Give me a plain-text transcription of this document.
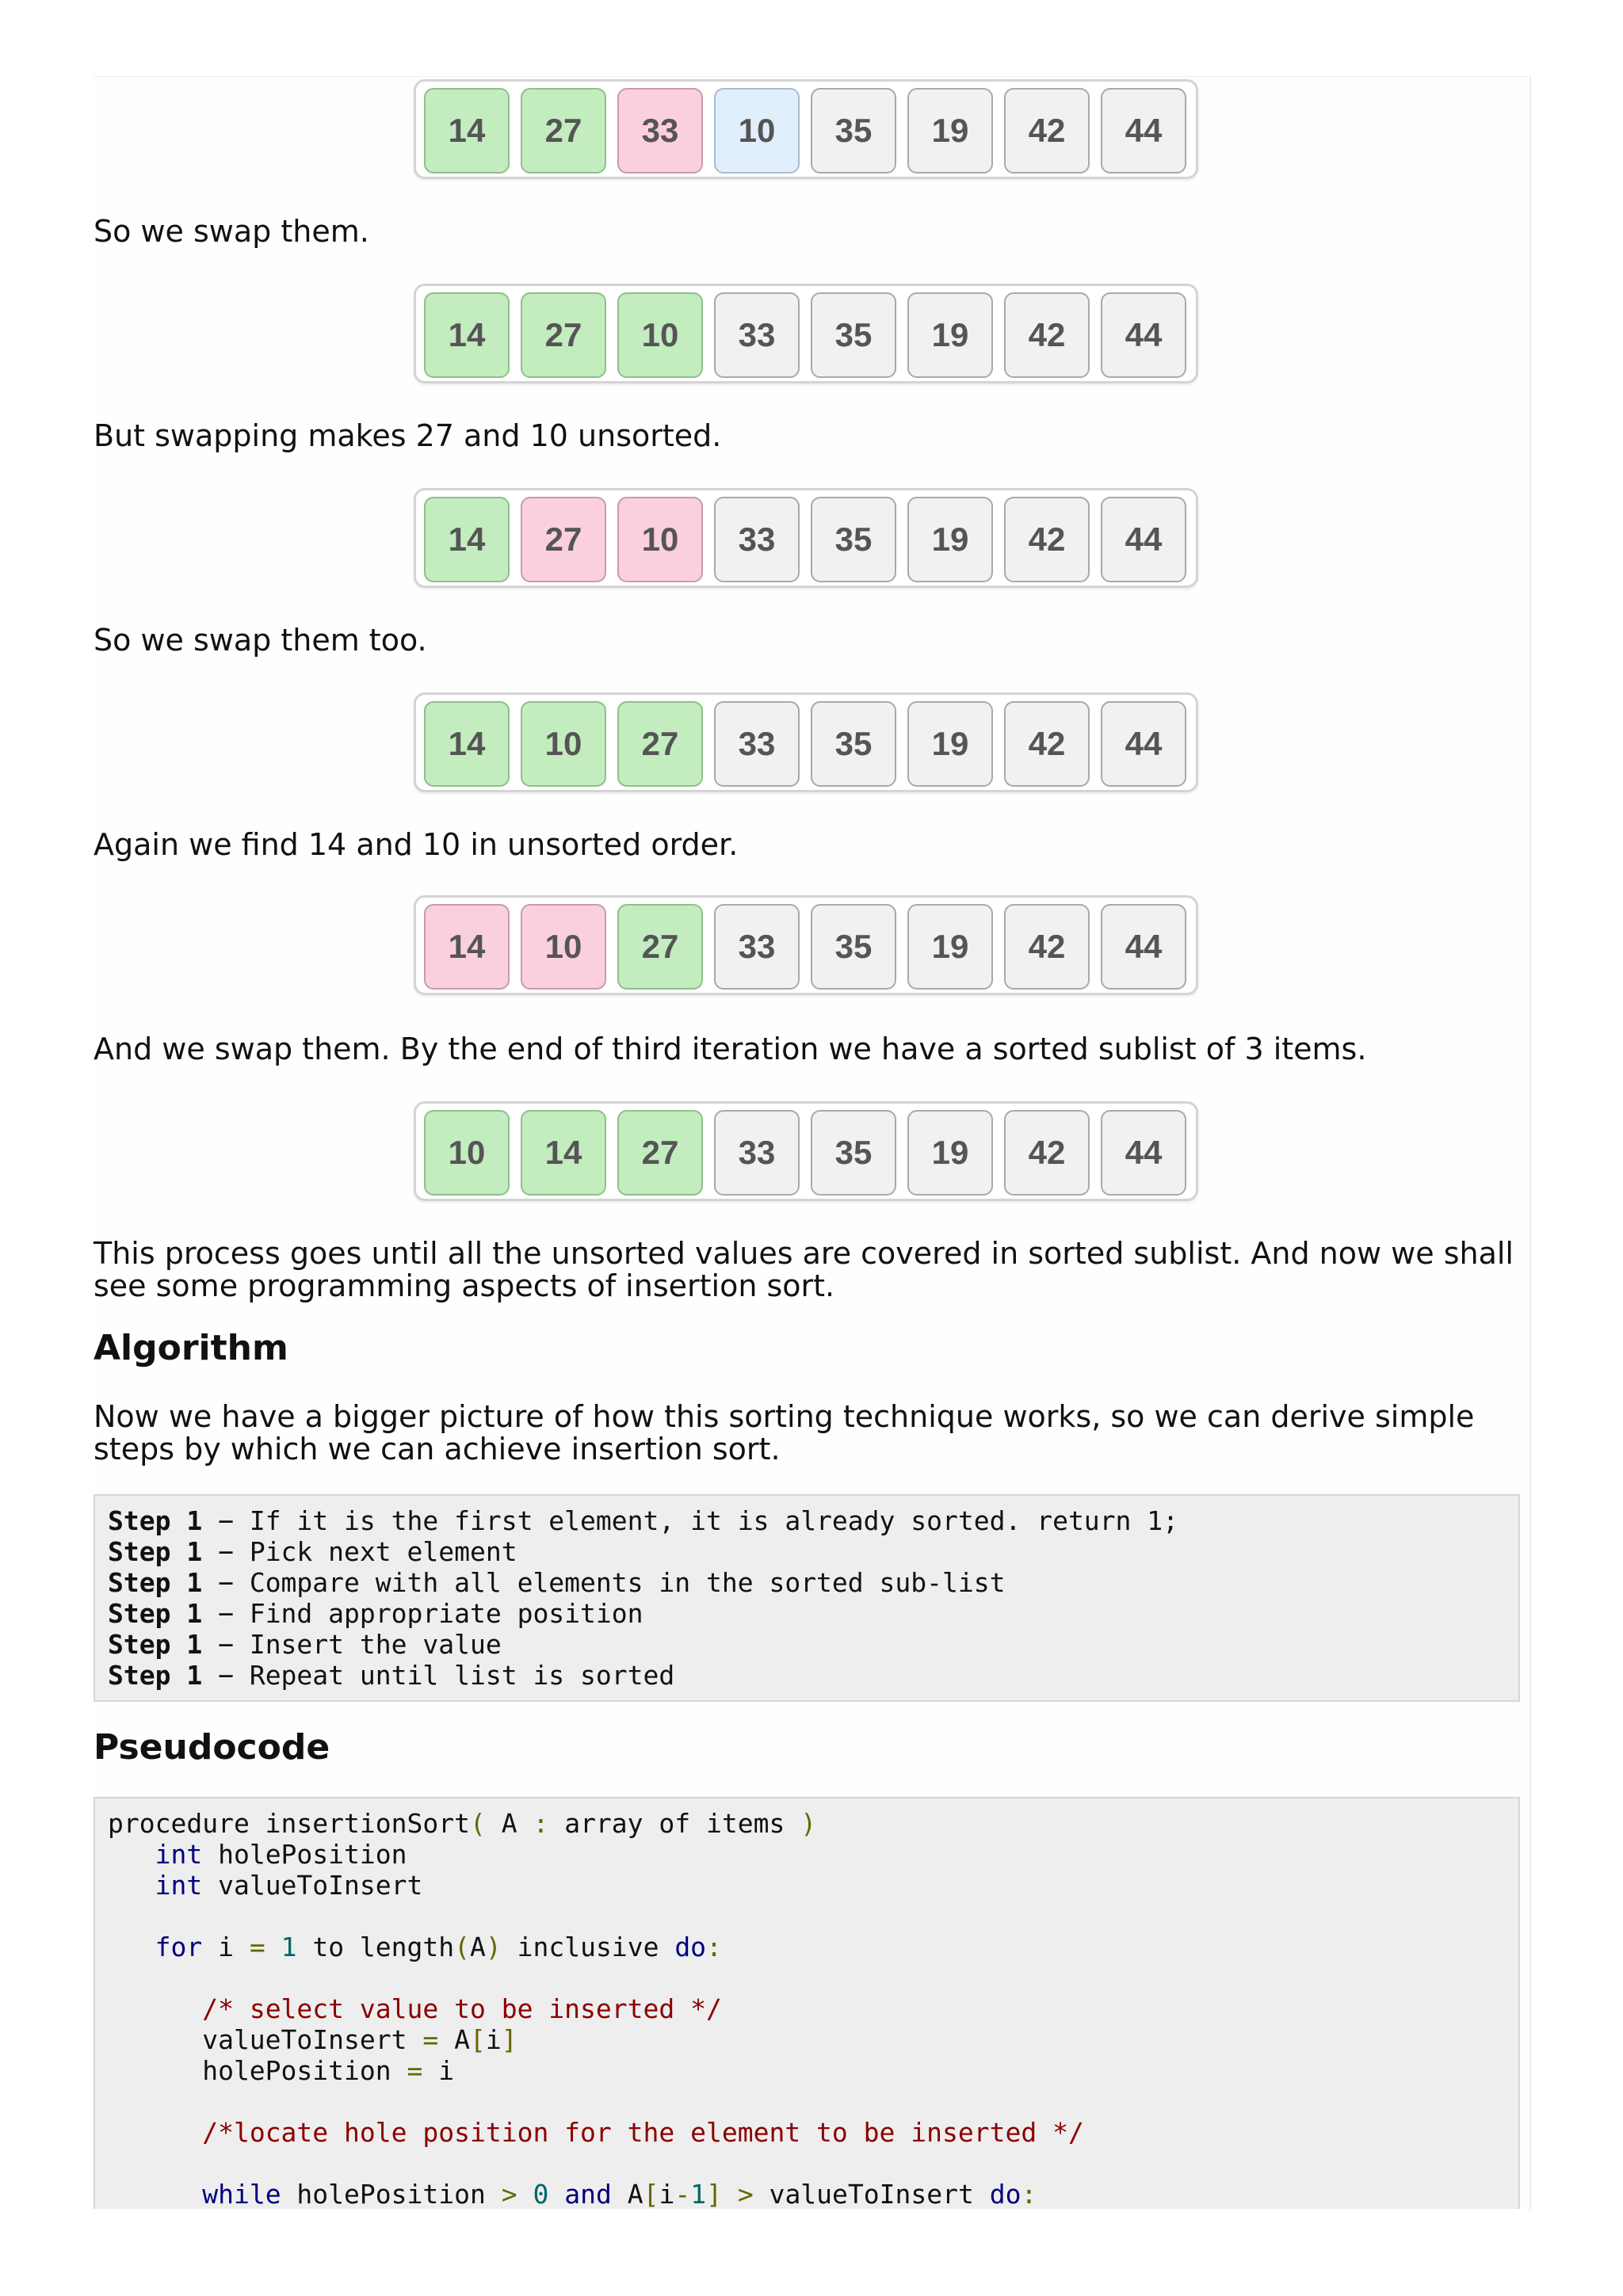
14	27	33	10	35	19	42	44

So we swap them.

14	27	10	33	35	19	42	44

But swapping makes 27 and 10 unsorted.

14	27	10	33	35	19	42	44

So we swap them too.

14	10	27	33	35	19	42	44

Again we find 14 and 10 in unsorted order.

14	10	27	33	35	19	42	44

And we swap them. By the end of third iteration we have a sorted sublist of 3 items.

10	14	27	33	35	19	42	44

This process goes until all the unsorted values are covered in sorted sublist. And now we shall see some programming aspects of insertion sort.

Algorithm

Now we have a bigger picture of how this sorting technique works, so we can derive simple steps by which we can achieve insertion sort.

Step 1 − If it is the first element, it is already sorted. return 1;
Step 1 − Pick next element
Step 1 − Compare with all elements in the sorted sub-list
Step 1 − Find appropriate position
Step 1 − Insert the value
Step 1 − Repeat until list is sorted
Pseudocode
procedure insertionSort( A : array of items )
int holePosition
int valueToInsert
for i = 1 to length(A) inclusive do:
/* select value to be inserted */
valueToInsert = A[i]
holePosition = i
/*locate hole position for the element to be inserted */
while holePosition > 0 and A[i-1] > valueToInsert do:
